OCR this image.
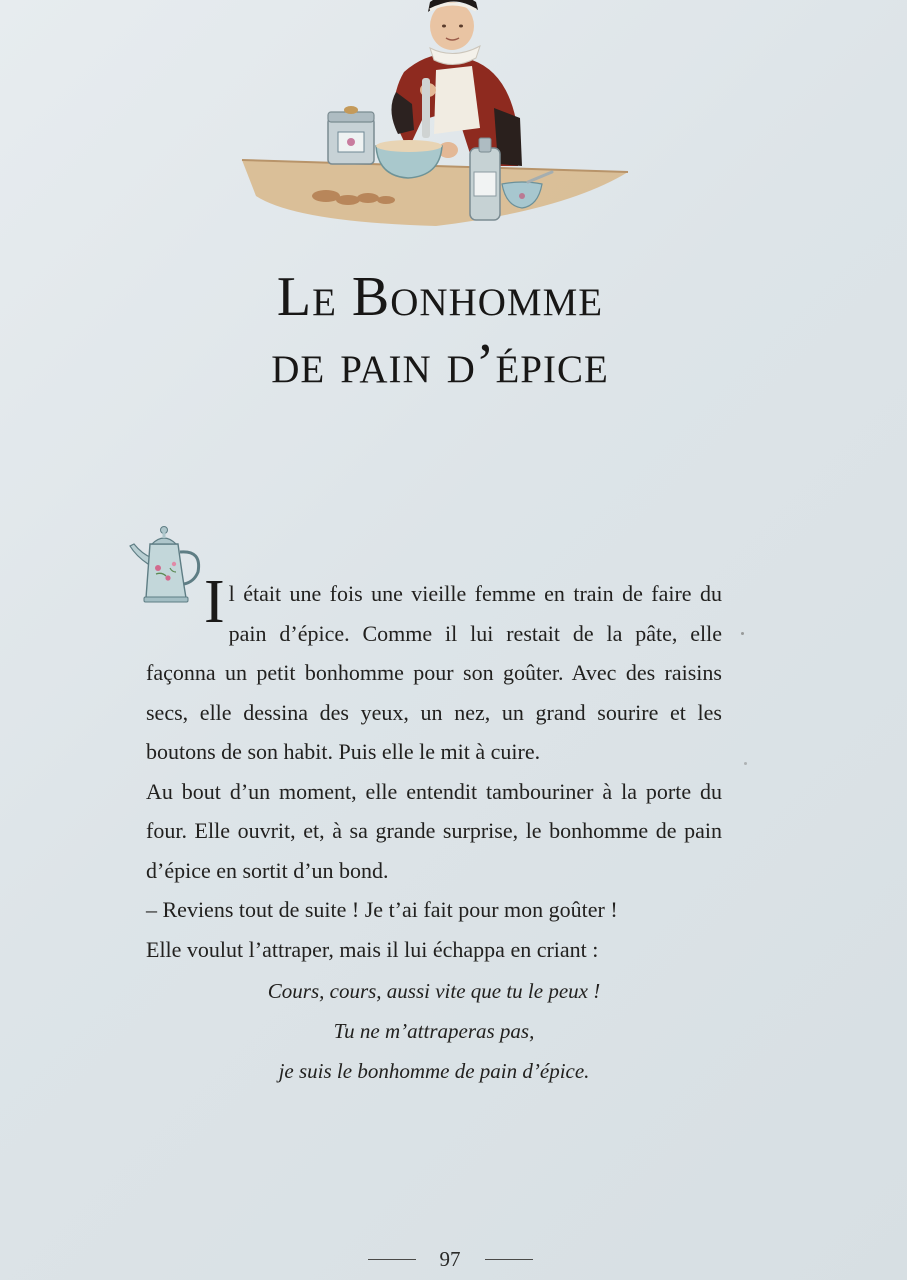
Le Bonhomme
de pain d’épice

Il était une fois une vieille femme en train de faire du pain d’épice. Comme il lui restait de la pâte, elle façonna un petit bonhomme pour son goûter. Avec des raisins secs, elle dessina des yeux, un nez, un grand sourire et les boutons de son habit. Puis elle le mit à cuire.

Au bout d’un moment, elle entendit tambouriner à la porte du four. Elle ouvrit, et, à sa grande surprise, le bonhomme de pain d’épice en sortit d’un bond.

– Reviens tout de suite ! Je t’ai fait pour mon goûter !

Elle voulut l’attraper, mais il lui échappa en criant :

Cours, cours, aussi vite que tu le peux !
Tu ne m’attraperas pas,
je suis le bonhomme de pain d’épice.
97
